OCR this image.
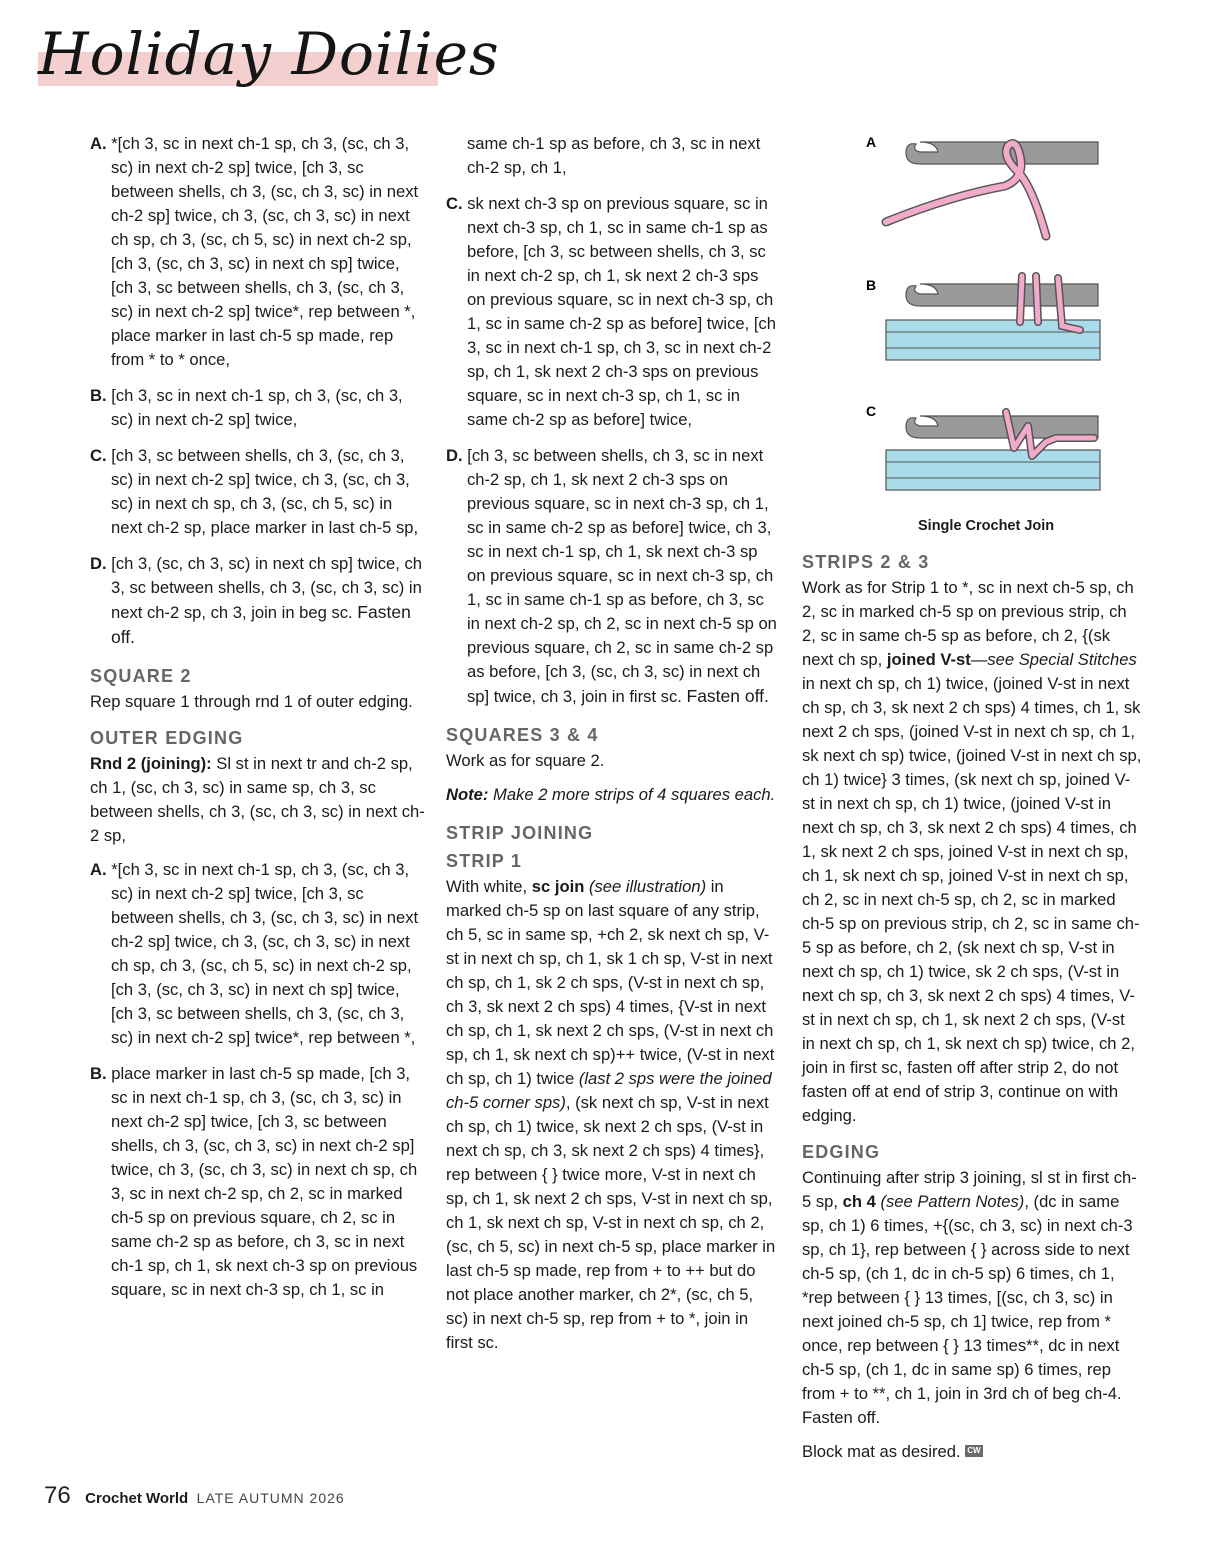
Holiday Doilies

A. *[ch 3, sc in next ch-1 sp, ch 3, (sc, ch 3, sc) in next ch-2 sp] twice, [ch 3, sc between shells, ch 3, (sc, ch 3, sc) in next ch-2 sp] twice, ch 3, (sc, ch 3, sc) in next ch sp, ch 3, (sc, ch 5, sc) in next ch-2 sp, [ch 3, (sc, ch 3, sc) in next ch sp] twice, [ch 3, sc between shells, ch 3, (sc, ch 3, sc) in next ch-2 sp] twice*, rep between *, place marker in last ch-5 sp made, rep from * to * once,

B. [ch 3, sc in next ch-1 sp, ch 3, (sc, ch 3, sc) in next ch-2 sp] twice,

C. [ch 3, sc between shells, ch 3, (sc, ch 3, sc) in next ch-2 sp] twice, ch 3, (sc, ch 3, sc) in next ch sp, ch 3, (sc, ch 5, sc) in next ch-2 sp, place marker in last ch-5 sp,

D. [ch 3, (sc, ch 3, sc) in next ch sp] twice, ch 3, sc between shells, ch 3, (sc, ch 3, sc) in next ch-2 sp, ch 3, join in beg sc. Fasten off.

SQUARE 2

Rep square 1 through rnd 1 of outer edging.

OUTER EDGING

Rnd 2 (joining): Sl st in next tr and ch-2 sp, ch 1, (sc, ch 3, sc) in same sp, ch 3, sc between shells, ch 3, (sc, ch 3, sc) in next ch-2 sp,

A. *[ch 3, sc in next ch-1 sp, ch 3, (sc, ch 3, sc) in next ch-2 sp] twice, [ch 3, sc between shells, ch 3, (sc, ch 3, sc) in next ch-2 sp] twice, ch 3, (sc, ch 3, sc) in next ch sp, ch 3, (sc, ch 5, sc) in next ch-2 sp, [ch 3, (sc, ch 3, sc) in next ch sp] twice, [ch 3, sc between shells, ch 3, (sc, ch 3, sc) in next ch-2 sp] twice*, rep between *,

B. place marker in last ch-5 sp made, [ch 3, sc in next ch-1 sp, ch 3, (sc, ch 3, sc) in next ch-2 sp] twice, [ch 3, sc between shells, ch 3, (sc, ch 3, sc) in next ch-2 sp] twice, ch 3, (sc, ch 3, sc) in next ch sp, ch 3, sc in next ch-2 sp, ch 2, sc in marked ch-5 sp on previous square, ch 2, sc in same ch-2 sp as before, ch 3, sc in next ch-1 sp, ch 1, sk next ch-3 sp on previous square, sc in next ch-3 sp, ch 1, sc in

same ch-1 sp as before, ch 3, sc in next ch-2 sp, ch 1,

C. sk next ch-3 sp on previous square, sc in next ch-3 sp, ch 1, sc in same ch-1 sp as before, [ch 3, sc between shells, ch 3, sc in next ch-2 sp, ch 1, sk next 2 ch-3 sps on previous square, sc in next ch-3 sp, ch 1, sc in same ch-2 sp as before] twice, [ch 3, sc in next ch-1 sp, ch 3, sc in next ch-2 sp, ch 1, sk next 2 ch-3 sps on previous square, sc in next ch-3 sp, ch 1, sc in same ch-2 sp as before] twice,

D. [ch 3, sc between shells, ch 3, sc in next ch-2 sp, ch 1, sk next 2 ch-3 sps on previous square, sc in next ch-3 sp, ch 1, sc in same ch-2 sp as before] twice, ch 3, sc in next ch-1 sp, ch 1, sk next ch-3 sp on previous square, sc in next ch-3 sp, ch 1, sc in same ch-1 sp as before, ch 3, sc in next ch-2 sp, ch 2, sc in next ch-5 sp on previous square, ch 2, sc in same ch-2 sp as before, [ch 3, (sc, ch 3, sc) in next ch sp] twice, ch 3, join in first sc. Fasten off.

SQUARES 3 & 4

Work as for square 2.

Note: Make 2 more strips of 4 squares each.

STRIP JOINING
STRIP 1

With white, sc join (see illustration) in marked ch-5 sp on last square of any strip, ch 5, sc in same sp, +ch 2, sk next ch sp, V-st in next ch sp, ch 1, sk 1 ch sp, V-st in next ch sp, ch 1, sk 2 ch sps, (V-st in next ch sp, ch 3, sk next 2 ch sps) 4 times, {V-st in next ch sp, ch 1, sk next 2 ch sps, (V-st in next ch sp, ch 1, sk next ch sp)++ twice, (V-st in next ch sp, ch 1) twice (last 2 sps were the joined ch-5 corner sps), (sk next ch sp, V-st in next ch sp, ch 1) twice, sk next 2 ch sps, (V-st in next ch sp, ch 3, sk next 2 ch sps) 4 times}, rep between { } twice more, V-st in next ch sp, ch 1, sk next 2 ch sps, V-st in next ch sp, ch 1, sk next ch sp, V-st in next ch sp, ch 2, (sc, ch 5, sc) in next ch-5 sp, place marker in last ch-5 sp made, rep from + to ++ but do not place another marker, ch 2*, (sc, ch 5, sc) in next ch-5 sp, rep from + to *, join in first sc.

A
B
C
Single Crochet Join
STRIPS 2 & 3

Work as for Strip 1 to *, sc in next ch-5 sp, ch 2, sc in marked ch-5 sp on previous strip, ch 2, sc in same ch-5 sp as before, ch 2, {(sk next ch sp, joined V-st—see Special Stitches in next ch sp, ch 1) twice, (joined V-st in next ch sp, ch 3, sk next 2 ch sps) 4 times, ch 1, sk next 2 ch sps, (joined V-st in next ch sp, ch 1, sk next ch sp) twice, (joined V-st in next ch sp, ch 1) twice} 3 times, (sk next ch sp, joined V-st in next ch sp, ch 1) twice, (joined V-st in next ch sp, ch 3, sk next 2 ch sps) 4 times, ch 1, sk next 2 ch sps, joined V-st in next ch sp, ch 1, sk next ch sp, joined V-st in next ch sp, ch 2, sc in next ch-5 sp, ch 2, sc in marked ch-5 sp on previous strip, ch 2, sc in same ch-5 sp as before, ch 2, (sk next ch sp, V-st in next ch sp, ch 1) twice, sk 2 ch sps, (V-st in next ch sp, ch 3, sk next 2 ch sps) 4 times, V-st in next ch sp, ch 1, sk next 2 ch sps, (V-st in next ch sp, ch 1, sk next ch sp) twice, ch 2, join in first sc, fasten off after strip 2, do not fasten off at end of strip 3, continue on with edging.

EDGING

Continuing after strip 3 joining, sl st in first ch-5 sp, ch 4 (see Pattern Notes), (dc in same sp, ch 1) 6 times, +{(sc, ch 3, sc) in next ch-3 sp, ch 1}, rep between { } across side to next ch-5 sp, (ch 1, dc in ch-5 sp) 6 times, ch 1, *rep between { } 13 times, [(sc, ch 3, sc) in next joined ch-5 sp, ch 1] twice, rep from * once, rep between { } 13 times**, dc in next ch-5 sp, (ch 1, dc in same sp) 6 times, rep from + to **, ch 1, join in 3rd ch of beg ch-4. Fasten off.

Block mat as desired. CW

76 Crochet World LATE AUTUMN 2026
